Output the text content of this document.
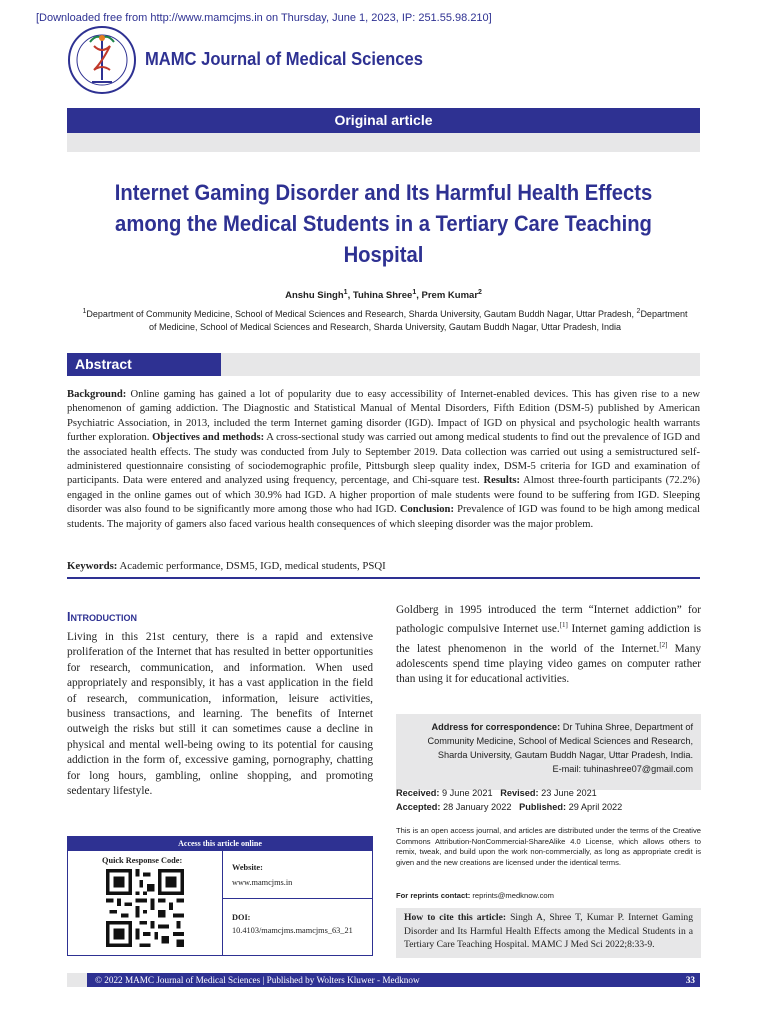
[Downloaded free from http://www.mamcjms.in on Thursday, June 1, 2023, IP: 251.55.98.210]
MAMC Journal of Medical Sciences
Original article
Internet Gaming Disorder and Its Harmful Health Effects among the Medical Students in a Tertiary Care Teaching Hospital
Anshu Singh$^1$, Tuhina Shree$^1$, Prem Kumar$^2$
$^1$Department of Community Medicine, School of Medical Sciences and Research, Sharda University, Gautam Buddh Nagar, Uttar Pradesh, $^2$Department of Medicine, School of Medical Sciences and Research, Sharda University, Gautam Buddh Nagar, Uttar Pradesh, India
Abstract
Background: Online gaming has gained a lot of popularity due to easy accessibility of Internet-enabled devices. This has given rise to a new phenomenon of gaming addiction. The Diagnostic and Statistical Manual of Mental Disorders, Fifth Edition (DSM-5) published by American Psychiatric Association, in 2013, included the term Internet gaming disorder (IGD). Impact of IGD on physical and psychologic health warrants further exploration. Objectives and methods: A cross-sectional study was carried out among medical students to find out the prevalence of IGD and the associated health effects. The study was conducted from July to September 2019. Data collection was carried out using a semistructured self-administered questionnaire consisting of sociodemographic profile, Pittsburgh sleep quality index, DSM-5 criteria for IGD and examination of participants. Data were entered and analyzed using frequency, percentage, and Chi-square test. Results: Almost three-fourth participants (72.2%) engaged in the online games out of which 30.9% had IGD. A higher proportion of male students were found to be suffering from IGD. Sleeping disorder was also found to be significantly more among those who had IGD. Conclusion: Prevalence of IGD was found to be high among medical students. The majority of gamers also faced various health consequences of which sleeping disorder was the major problem.
Keywords: Academic performance, DSM5, IGD, medical students, PSQI
Introduction
Living in this 21st century, there is a rapid and extensive proliferation of the Internet that has resulted in better opportunities for research, communication, and information. When used appropriately and responsibly, it has a vast application in the field of research, communication, information, leisure activities, business transactions, and learning. The benefits of Internet outweigh the risks but still it can sometimes cause a decline in physical and mental well-being owing to its potential for causing addiction in the form of, excessive gaming, pornography, chatting for long hours, gambling, online shopping, and promoting sedentary lifestyle.
Goldberg in 1995 introduced the term “Internet addiction” for pathologic compulsive Internet use.[1] Internet gaming addiction is the latest phenomenon in the world of the Internet.[2] Many adolescents spend time playing video games on computer rather than using it for educational activities.
Address for correspondence: Dr Tuhina Shree, Department of Community Medicine, School of Medical Sciences and Research, Sharda University, Gautam Buddh Nagar, Uttar Pradesh, India.
E-mail: tuhinashree07@gmail.com
Received: 9 June 2021 Revised: 23 June 2021
Accepted: 28 January 2022 Published: 29 April 2022
This is an open access journal, and articles are distributed under the terms of the Creative Commons Attribution-NonCommercial-ShareAlike 4.0 License, which allows others to remix, tweak, and build upon the work non-commercially, as long as appropriate credit is given and the new creations are licensed under the identical terms.
For reprints contact: reprints@medknow.com
How to cite this article: Singh A, Shree T, Kumar P. Internet Gaming Disorder and Its Harmful Health Effects among the Medical Students in a Tertiary Care Teaching Hospital. MAMC J Med Sci 2022;8:33-9.
Access this article online
Quick Response Code:
Website:
www.mamcjms.in
DOI:
10.4103/mamcjms.mamcjms_63_21
© 2022 MAMC Journal of Medical Sciences | Published by Wolters Kluwer - Medknow	33
